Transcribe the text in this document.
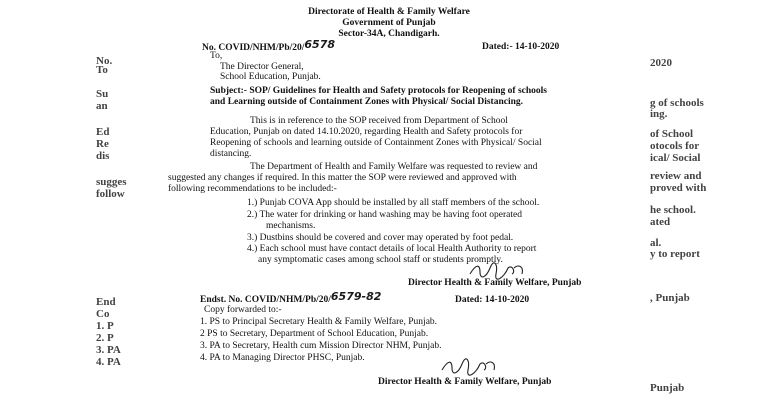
No.
To
Su
an
Ed
Re
dis
sugges
follow
End
Co
1. P
2. P
3. PA
4. PA
2020
g of schools
ing.
of School
otocols for
ical/ Social
review and
proved with
he school.
ated
al.
y to report
, Punjab
Punjab
Directorate of Health & Family Welfare
Government of Punjab
Sector-34A, Chandigarh.
No. COVID/NHM/Pb/20/6578	Dated:- 14-10-2020
To,
The Director General,
School Education, Punjab.
Subject:- SOP/ Guidelines for Health and Safety protocols for Reopening of schools
and Learning outside of Containment Zones with Physical/ Social Distancing.
This is in reference to the SOP received from Department of School
Education, Punjab on dated 14.10.2020, regarding Health and Safety protocols for
Reopening of schools and learning outside of Containment Zones with Physical/ Social
distancing.
The Department of Health and Family Welfare was requested to review and
suggested any changes if required. In this matter the SOP were reviewed and approved with
following recommendations to be included:-
1.) Punjab COVA App should be installed by all staff members of the school.
2.) The water for drinking or hand washing may be having foot operated
mechanisms.
3.) Dustbins should be covered and cover may operated by foot pedal.
4.) Each school must have contact details of local Health Authority to report
any symptomatic cases among school staff or students promptly.
Director Health & Family Welfare, Punjab
Endst. No. COVID/NHM/Pb/20/6579-82	Dated: 14-10-2020
Copy forwarded to:-
1. PS to Principal Secretary Health & Family Welfare, Punjab.
2 PS to Secretary, Department of School Education, Punjab.
3. PA to Secretary, Health cum Mission Director NHM, Punjab.
4. PA to Managing Director PHSC, Punjab.
Director Health & Family Welfare, Punjab
